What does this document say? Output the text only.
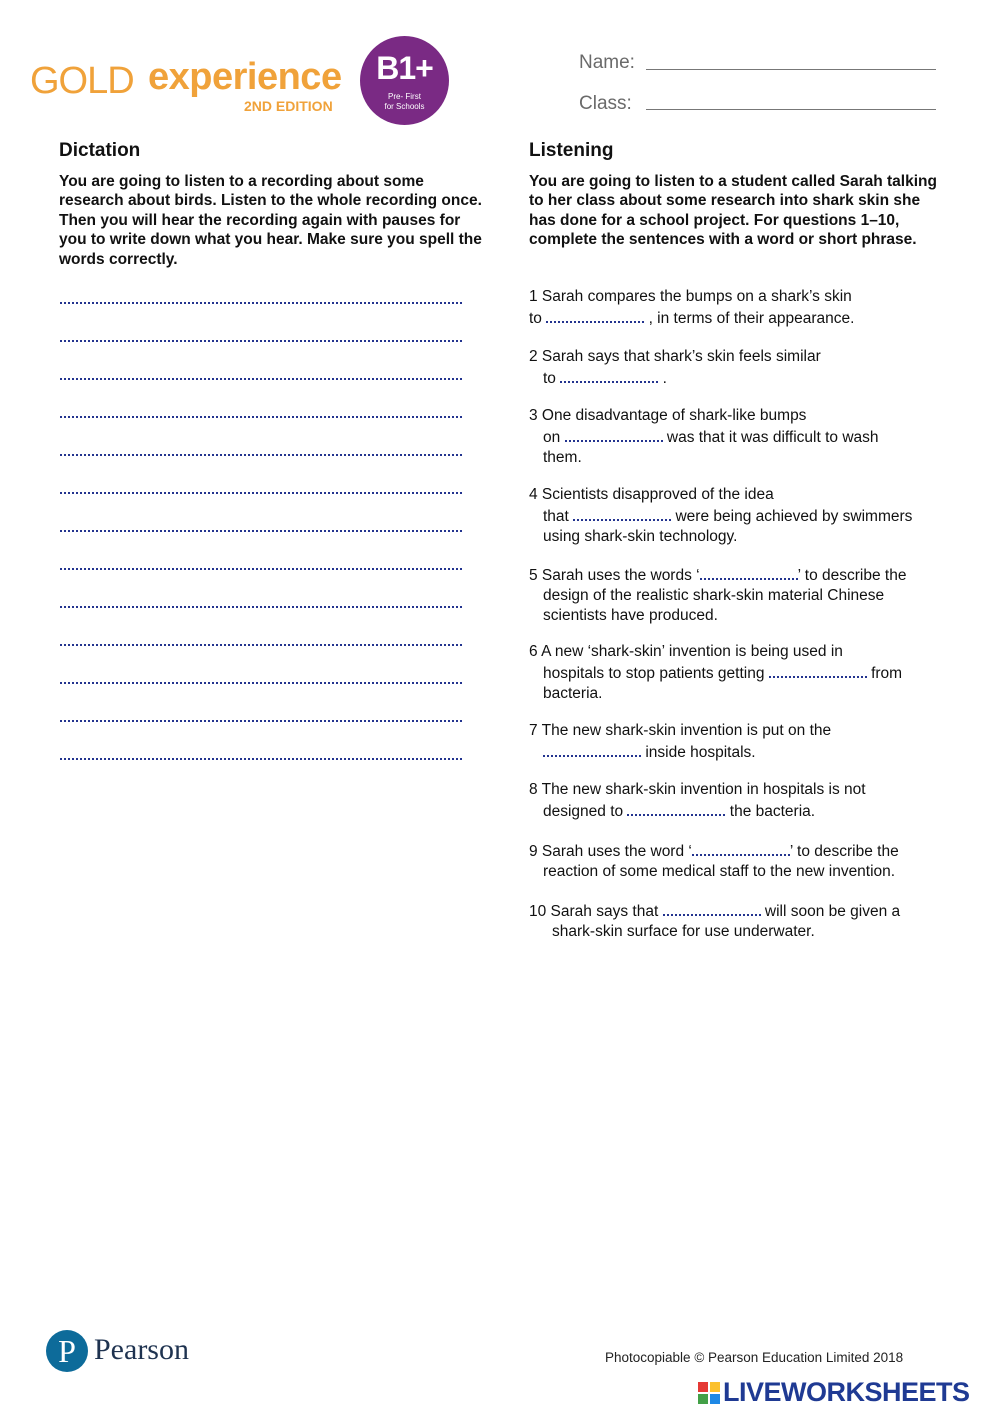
GOLD experience
2ND EDITION
B1+
Pre- First
for Schools
Name:
Class:
Dictation

You are going to listen to a recording about some research about birds. Listen to the whole recording once. Then you will hear the recording again with pauses for you to write down what you hear. Make sure you spell the words correctly.

Listening

You are going to listen to a student called Sarah talking to her class about some research into shark skin she has done for a school project. For questions 1–10, complete the sentences with a word or short phrase.

1 Sarah compares the bumps on a shark’s skin
to	, in terms of their appearance.
2 Sarah says that shark’s skin feels similar
to	.
3 One disadvantage of shark-like bumps
on	was that it was difficult to wash
them.
4 Scientists disapproved of the idea
that	were being achieved by swimmers
using shark-skin technology.
5 Sarah uses the words ‘	’ to describe the
design of the realistic shark-skin material Chinese
scientists have produced.
6 A new ‘shark-skin’ invention is being used in
hospitals to stop patients getting	from
bacteria.
7 The new shark-skin invention is put on the
inside hospitals.
8 The new shark-skin invention in hospitals is not
designed to	the bacteria.
9 Sarah uses the word ‘	’ to describe the
reaction of some medical staff to the new invention.
10 Sarah says that	will soon be given a
shark-skin surface for use underwater.
P Pearson	Photocopiable © Pearson Education Limited 2018
LIVEWORKSHEETS
